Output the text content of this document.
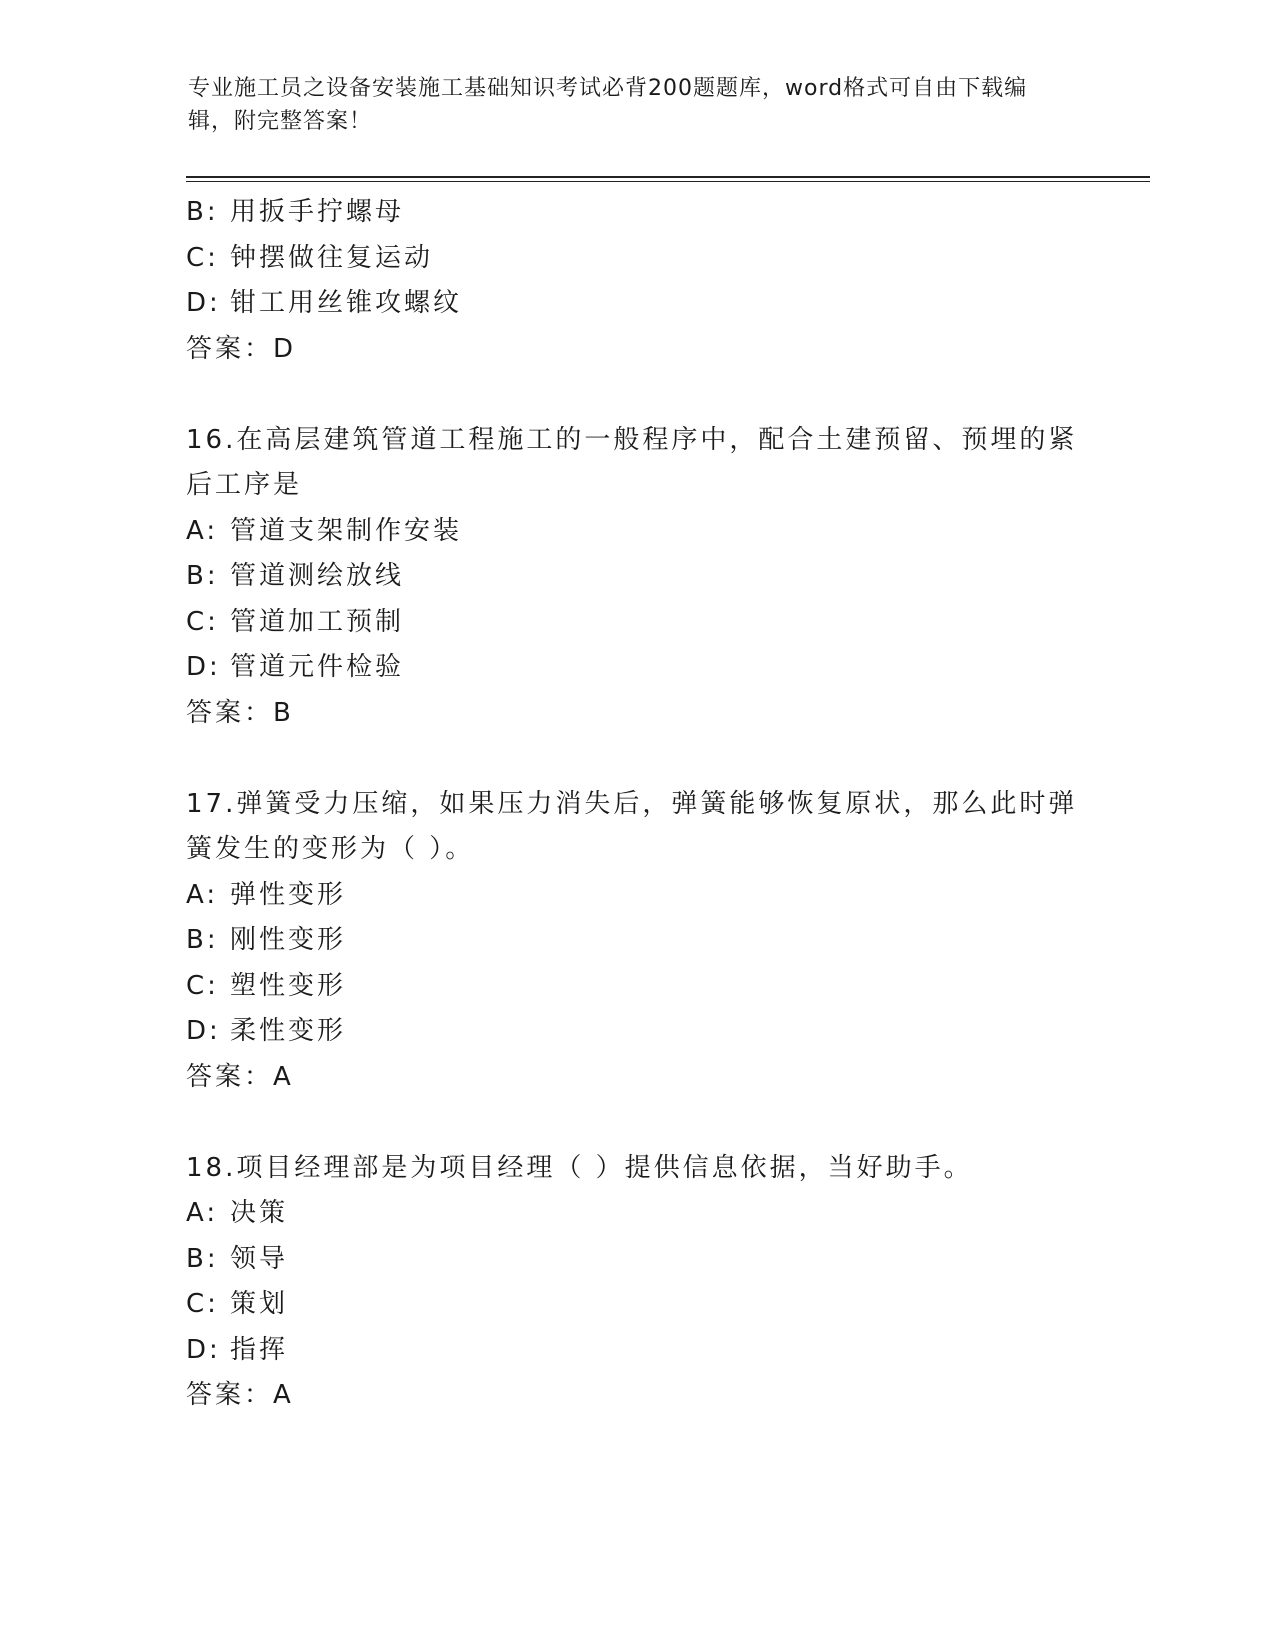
专业施工员之设备安装施工基础知识考试必背200题题库，word格式可自由下载编辑，附完整答案！
B: 用扳手拧螺母
C: 钟摆做往复运动
D: 钳工用丝锥攻螺纹
答案：D
16.在高层建筑管道工程施工的一般程序中，配合土建预留、预埋的紧后工序是
A: 管道支架制作安装
B: 管道测绘放线
C: 管道加工预制
D: 管道元件检验
答案：B
17.弹簧受力压缩，如果压力消失后，弹簧能够恢复原状，那么此时弹簧发生的变形为（ ）。
A: 弹性变形
B: 刚性变形
C: 塑性变形
D: 柔性变形
答案：A
18.项目经理部是为项目经理（ ）提供信息依据，当好助手。
A: 决策
B: 领导
C: 策划
D: 指挥
答案：A
